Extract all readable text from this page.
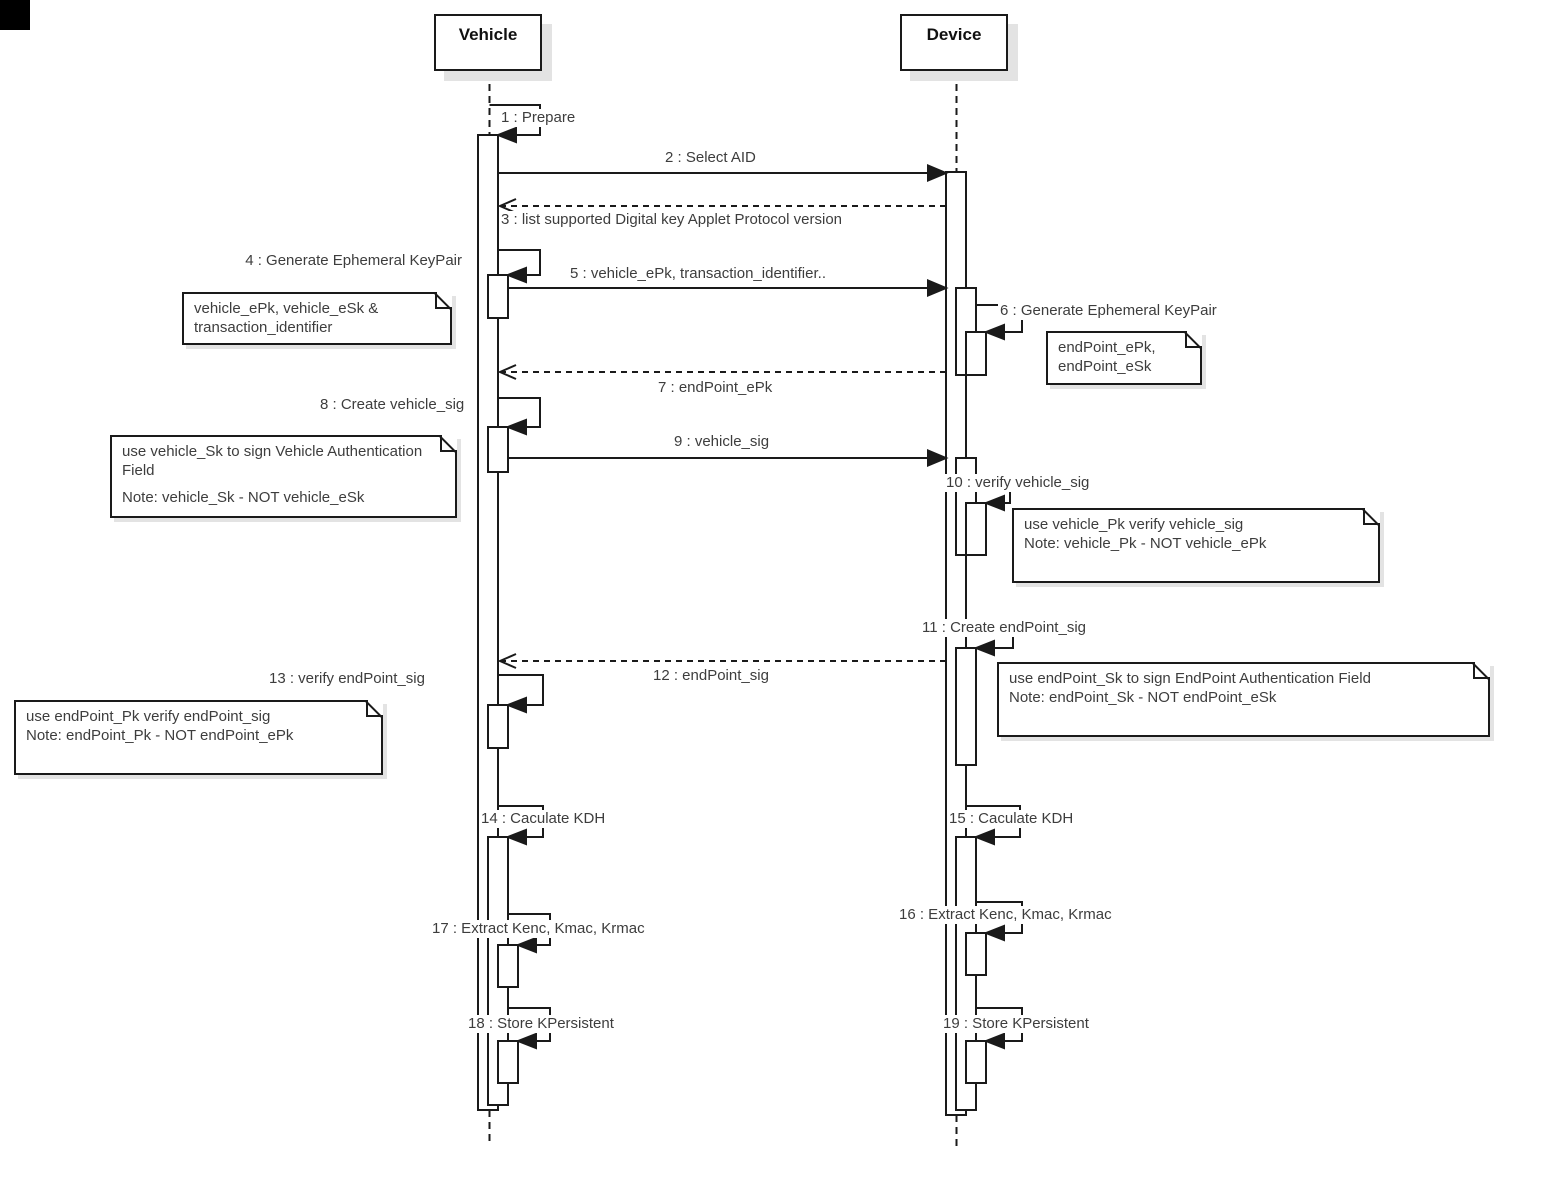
Vehicle	Device
1 : Prepare
2 : Select AID
3 : list supported Digital key Applet Protocol version
4 : Generate Ephemeral KeyPair
5 : vehicle_ePk, transaction_identifier..
6 : Generate Ephemeral KeyPair
7 : endPoint_ePk
8 : Create vehicle_sig
9 : vehicle_sig
10 : verify vehicle_sig
11 : Create endPoint_sig
12 : endPoint_sig
13 : verify endPoint_sig
14 : Caculate KDH	15 : Caculate KDH
16 : Extract Kenc, Kmac, Krmac
17 : Extract Kenc, Kmac, Krmac
18 : Store KPersistent	19 : Store KPersistent
vehicle_ePk, vehicle_eSk &
transaction_identifier
endPoint_ePk,
endPoint_eSk
use vehicle_Sk to sign Vehicle Authentication Field
Note: vehicle_Sk - NOT vehicle_eSk
use vehicle_Pk verify vehicle_sig
Note: vehicle_Pk - NOT vehicle_ePk
use endPoint_Sk to sign EndPoint Authentication Field
Note: endPoint_Sk - NOT endPoint_eSk
use endPoint_Pk verify endPoint_sig
Note: endPoint_Pk - NOT endPoint_ePk
